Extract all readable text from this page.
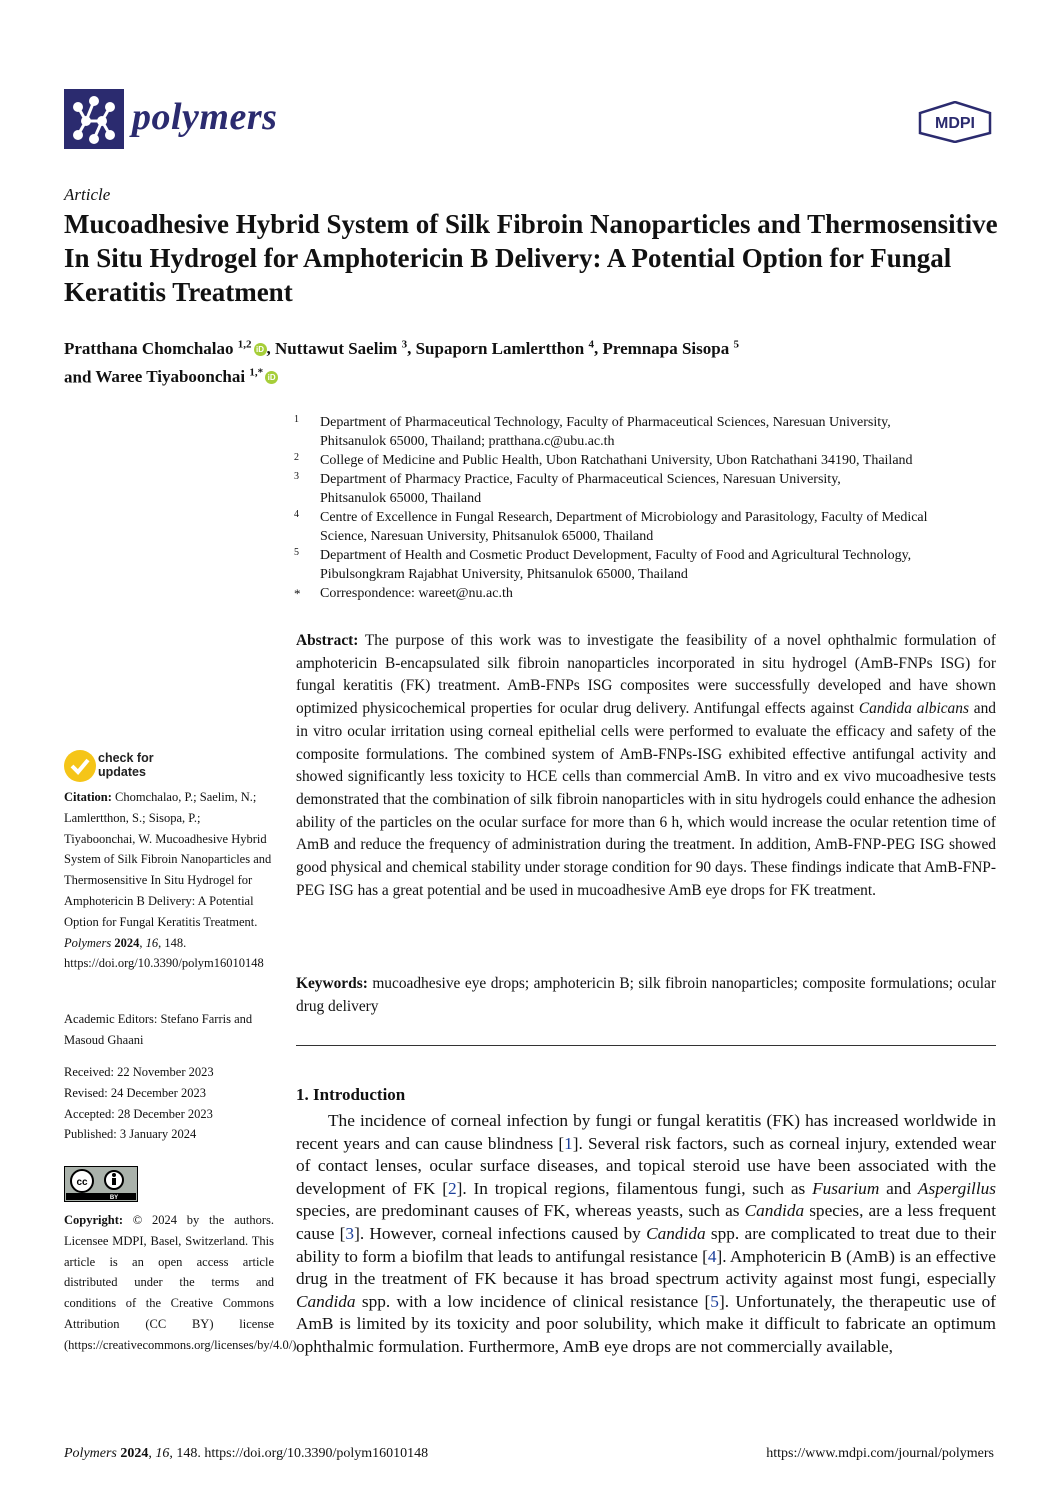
polymers	MDPI
Article
Mucoadhesive Hybrid System of Silk Fibroin Nanoparticles and Thermosensitive In Situ Hydrogel for Amphotericin B Delivery: A Potential Option for Fungal Keratitis Treatment
Pratthana Chomchalao $^{1,2}$ iD , Nuttawut Saelim $^3$, Supaporn Lamlertthon $^4$, Premnapa Sisopa $^5$
and Waree Tiyaboonchai $^{1,*}$ iD

1 Department of Pharmaceutical Technology, Faculty of Pharmaceutical Sciences, Naresuan University,
Phitsanulok 65000, Thailand; pratthana.c@ubu.ac.th

2 College of Medicine and Public Health, Ubon Ratchathani University, Ubon Ratchathani 34190, Thailand

3 Department of Pharmacy Practice, Faculty of Pharmaceutical Sciences, Naresuan University,
Phitsanulok 65000, Thailand

4 Centre of Excellence in Fungal Research, Department of Microbiology and Parasitology, Faculty of Medical
Science, Naresuan University, Phitsanulok 65000, Thailand

5 Department of Health and Cosmetic Product Development, Faculty of Food and Agricultural Technology,
Pibulsongkram Rajabhat University, Phitsanulok 65000, Thailand

* Correspondence: wareet@nu.ac.th

Abstract: The purpose of this work was to investigate the feasibility of a novel ophthalmic formulation of amphotericin B-encapsulated silk fibroin nanoparticles incorporated in situ hydrogel (AmB-FNPs ISG) for fungal keratitis (FK) treatment. AmB-FNPs ISG composites were successfully developed and have shown optimized physicochemical properties for ocular drug delivery. Antifungal effects against Candida albicans and in vitro ocular irritation using corneal epithelial cells were performed to evaluate the efficacy and safety of the composite formulations. The combined system of AmB-FNPs-ISG exhibited effective antifungal activity and showed significantly less toxicity to HCE cells than commercial AmB. In vitro and ex vivo mucoadhesive tests demonstrated that the combination of silk fibroin nanoparticles with in situ hydrogels could enhance the adhesion ability of the particles on the ocular surface for more than 6 h, which would increase the ocular retention time of AmB and reduce the frequency of administration during the treatment. In addition, AmB-FNP-PEG ISG showed good physical and chemical stability under storage condition for 90 days. These findings indicate that AmB-FNP-PEG ISG has a great potential and be used in mucoadhesive AmB eye drops for FK treatment.
Keywords: mucoadhesive eye drops; amphotericin B; silk fibroin nanoparticles; composite formulations; ocular drug delivery
1. Introduction
The incidence of corneal infection by fungi or fungal keratitis (FK) has increased worldwide in recent years and can cause blindness [1]. Several risk factors, such as corneal injury, extended wear of contact lenses, ocular surface diseases, and topical steroid use have been associated with the development of FK [2]. In tropical regions, filamentous fungi, such as Fusarium and Aspergillus species, are predominant causes of FK, whereas yeasts, such as Candida species, are a less frequent cause [3]. However, corneal infections caused by Candida spp. are complicated to treat due to their ability to form a biofilm that leads to antifungal resistance [4]. Amphotericin B (AmB) is an effective drug in the treatment of FK because it has broad spectrum activity against most fungi, especially Candida spp. with a low incidence of clinical resistance [5]. Unfortunately, the therapeutic use of AmB is limited by its toxicity and poor solubility, which make it difficult to fabricate an optimum ophthalmic formulation. Furthermore, AmB eye drops are not commercially available,
check for
updates
Citation: Chomchalao, P.; Saelim, N.; Lamlertthon, S.; Sisopa, P.; Tiyaboonchai, W. Mucoadhesive Hybrid System of Silk Fibroin Nanoparticles and Thermosensitive In Situ Hydrogel for Amphotericin B Delivery: A Potential Option for Fungal Keratitis Treatment. Polymers 2024, 16, 148. https://doi.org/10.3390/polym16010148
Academic Editors: Stefano Farris and Masoud Ghaani
Received: 22 November 2023
Revised: 24 December 2023
Accepted: 28 December 2023
Published: 3 January 2024
cc
BY
Copyright: © 2024 by the authors. Licensee MDPI, Basel, Switzerland. This article is an open access article distributed under the terms and conditions of the Creative Commons Attribution (CC BY) license (https://creativecommons.org/licenses/by/4.0/).
Polymers 2024, 16, 148. https://doi.org/10.3390/polym16010148	https://www.mdpi.com/journal/polymers
